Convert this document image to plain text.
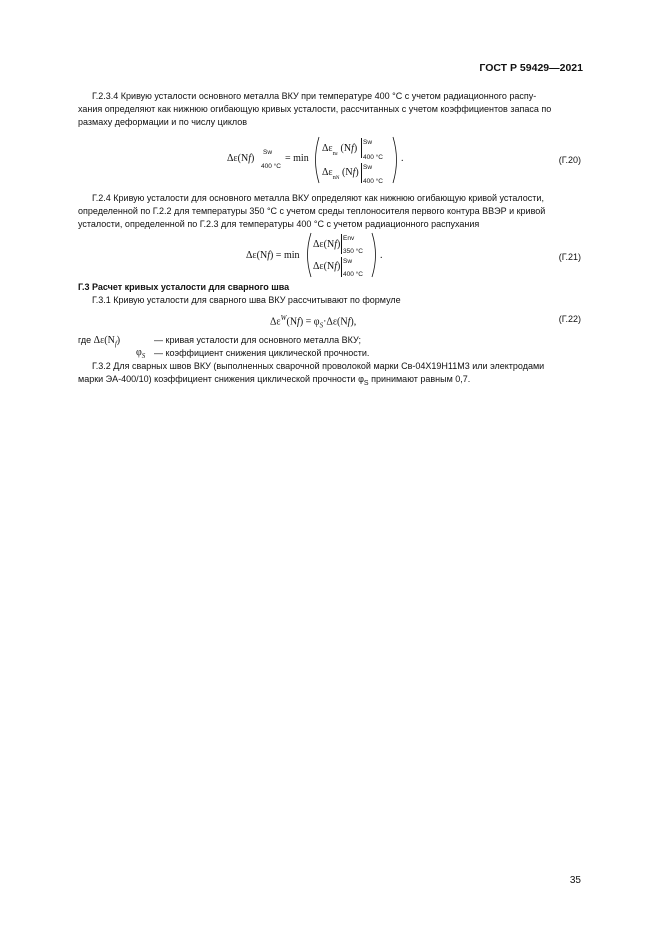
ГОСТ Р 59429—2021
Г.2.3.4 Кривую усталости основного металла ВКУ при температуре 400 °С с учетом радиационного распу-
хания определяют как нижнюю огибающую кривых усталости, рассчитанных с учетом коэффициентов запаса по
размаху деформации и по числу циклов
Δε(Nf)
Sw
400 °C
= min
$\Delta\varepsilon_{n\varepsilon}$ (Nf)
Sw
400 °C
$\Delta\varepsilon_{nN}$ (Nf) Sw
400 °C
.	(Г.20)
Г.2.4 Кривую усталости для основного металла ВКУ определяют как нижнюю огибающую кривой усталости,
определенной по Г.2.2 для температуры 350 °С с учетом среды теплоносителя первого контура ВВЭР и кривой
усталости, определенной по Г.2.3 для температуры 400 °С с учетом радиационного распухания
Δε(Nf) = min
Δε(Nf)
Env
350 °C
Δε(Nf) Sw
400 °C
.	(Г.21)
Г.3 Расчет кривых усталости для сварного шва
Г.3.1 Кривую усталости для сварного шва ВКУ рассчитывают по формуле
$\Delta\varepsilon^W(Nf) = \varphi_S\cdot\Delta\varepsilon(Nf)$,	(Г.22)
где $\Delta\varepsilon(N_f)$	— кривая усталости для основного металла ВКУ;
$\varphi_S$ — коэффициент снижения циклической прочности.
Г.3.2 Для сварных швов ВКУ (выполненных сварочной проволокой марки Св-04Х19Н11М3 или электродами
марки ЭА-400/10) коэффициент снижения циклической прочности $\varphi_S$ принимают равным 0,7.
35
